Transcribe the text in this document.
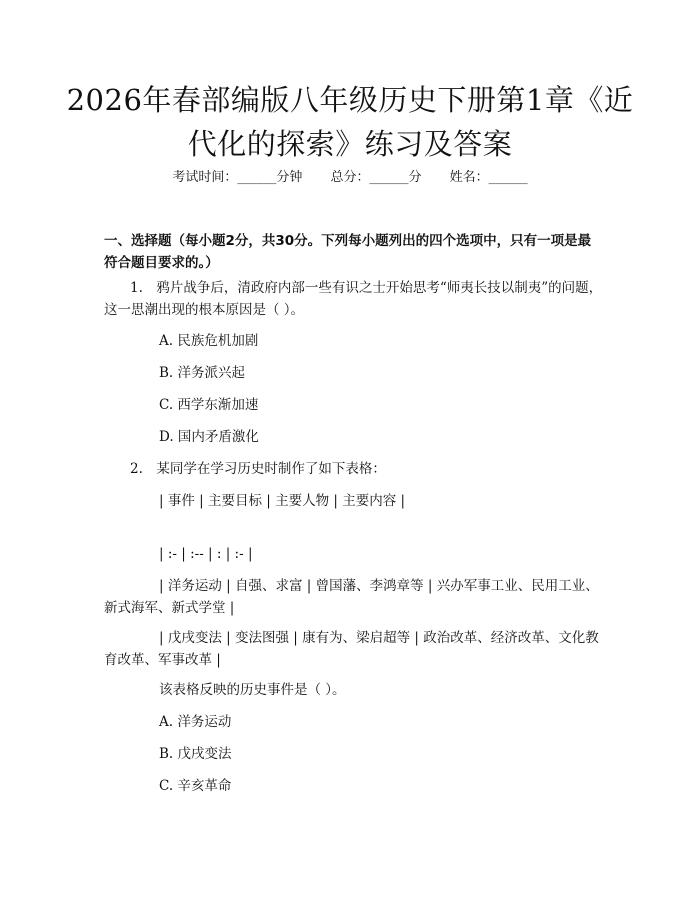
2026年春部编版八年级历史下册第1章《近代化的探索》练习及答案
考试时间：______分钟 总分：______分 姓名：______
一、选择题（每小题2分，共30分。下列每小题列出的四个选项中，只有一项是最符合题目要求的。）
1.　鸦片战争后，清政府内部一些有识之士开始思考“师夷长技以制夷”的问题，这一思潮出现的根本原因是（ ）。
A. 民族危机加剧
B. 洋务派兴起
C. 西学东渐加速
D. 国内矛盾激化
2.　某同学在学习历史时制作了如下表格：
| 事件 | 主要目标 | 主要人物 | 主要内容 |
| :- | :-- | : | :- |
| 洋务运动 | 自强、求富 | 曾国藩、李鸿章等 | 兴办军事工业、民用工业、新式海军、新式学堂 |
| 戊戌变法 | 变法图强 | 康有为、梁启超等 | 政治改革、经济改革、文化教育改革、军事改革 |
该表格反映的历史事件是（ ）。
A. 洋务运动
B. 戊戌变法
C. 辛亥革命
